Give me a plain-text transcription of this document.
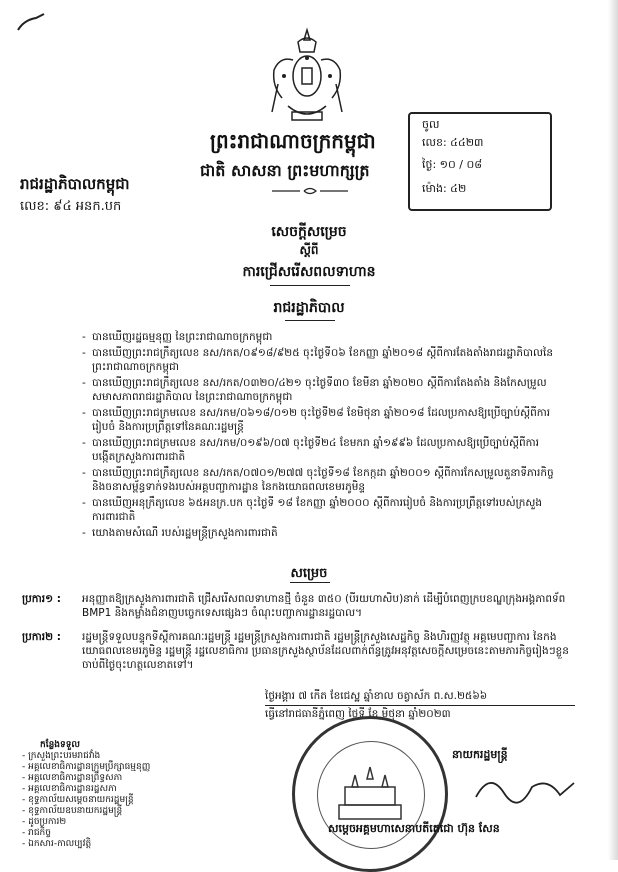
ព្រះរាជាណាចក្រកម្ពុជា
ជាតិ សាសនា ព្រះមហាក្សត្រ
រាជរដ្ឋាភិបាលកម្ពុជា
លេខ: ៩៤ អនក.បក
ចូល
លេខ: ៤៤២៣
ថ្ងៃ: ១០ / ០៨
ម៉ោង: ៤២
សេចក្តីសម្រេច
ស្តីពី
ការជ្រើសរើសពលទាហាន
រាជរដ្ឋាភិបាល
- បានឃើញរដ្ឋធម្មនុញ្ញ នៃព្រះរាជាណាចក្រកម្ពុជា
- បានឃើញព្រះរាជក្រឹត្យលេខ នស/រកត/០៩១៨/៩២៥ ចុះថ្ងៃទី០៦ ខែកញ្ញា ឆ្នាំ២០១៨ ស្តីពីការតែងតាំងរាជរដ្ឋាភិបាលនៃព្រះរាជាណាចក្រកម្ពុជា
- បានឃើញព្រះរាជក្រឹត្យលេខ នស/រកត/០៣២០/៤២១ ចុះថ្ងៃទី៣០ ខែមីនា ឆ្នាំ២០២០ ស្តីពីការតែងតាំង និងកែសម្រួលសមាសភាពរាជរដ្ឋាភិបាល នៃព្រះរាជាណាចក្រកម្ពុជា
- បានឃើញព្រះរាជក្រមលេខ នស/រកម/០៦១៨/០១២ ចុះថ្ងៃទី២៨ ខែមិថុនា ឆ្នាំ២០១៨ ដែលប្រកាសឱ្យប្រើច្បាប់ស្តីពីការរៀបចំ និងការប្រព្រឹត្តទៅនៃគណៈរដ្ឋមន្ត្រី
- បានឃើញព្រះរាជក្រមលេខ នស/រកម/០១៩៦/០៧ ចុះថ្ងៃទី២៤ ខែមករា ឆ្នាំ១៩៩៦ ដែលប្រកាសឱ្យប្រើច្បាប់ស្តីពីការបង្កើតក្រសួងការពារជាតិ
- បានឃើញព្រះរាជក្រឹត្យលេខ នស/រកត/០៧០១/២៧៧ ចុះថ្ងៃទី១៨ ខែកក្កដា ឆ្នាំ២០០១ ស្តីពីការកែសម្រួលតួនាទីភារកិច្ច និងចនាសម្ព័ន្ធទាក់ទងរបស់អគ្គបញ្ជាការដ្ឋាន នៃកងយោធពលខេមរភូមិន្ទ
- បានឃើញអនុក្រឹត្យលេខ ៦៥អនក្រ.បក ចុះថ្ងៃទី ១៨ ខែកញ្ញា ឆ្នាំ២០០០ ស្តីពីការរៀបចំ និងការប្រព្រឹត្តទៅរបស់ក្រសួងការពារជាតិ
- យោងតាមសំណើ របស់រដ្ឋមន្ត្រីក្រសួងការពារជាតិ
សម្រេច
ប្រការ១ :	អនុញ្ញាតឱ្យក្រសួងការពារជាតិ ជ្រើសរើសពលទាហានថ្មី ចំនួន ៣៥០ (បីរយហាសិប)នាក់ ដើម្បីបំពេញក្របខណ្ឌក្រុងអង្គភាពទ័ព BMP1 និងកម្លាំងជំនាញបច្ចេកទេសផ្សេងៗ ចំណុះបញ្ជាការដ្ឋានរដ្ឋបាល។
ប្រការ២ :	រដ្ឋមន្ត្រីទទួលបន្ទុកទីស្តីការគណៈរដ្ឋមន្ត្រី រដ្ឋមន្ត្រីក្រសួងការពារជាតិ រដ្ឋមន្ត្រីក្រសួងសេដ្ឋកិច្ច និងហិរញ្ញវត្ថុ អគ្គមេបញ្ជាការ នៃកងយោធពលខេមរភូមិន្ទ រដ្ឋមន្ត្រី រដ្ឋលេខាធិការ ប្រធានក្រសួងស្ថាប័នដែលពាក់ព័ន្ធត្រូវអនុវត្តសេចក្តីសម្រេចនេះតាមភារកិច្ចរៀងៗខ្លួន ចាប់ពីថ្ងៃចុះហត្ថលេខាតទៅ។
ថ្ងៃអង្គារ ៧ កើត ខែជេស្ឋ ឆ្នាំខាល ចត្វាស័ក ព.ស.២៥៦៦
ធ្វើនៅរាជធានីភ្នំពេញ ថ្ងៃទី ខែ មិថុនា ឆ្នាំ២០២៣
កន្លែងទទួល
- ក្រសួងព្រះបរមរាជវាំង
- អគ្គលេខាធិការដ្ឋានក្រុមប្រឹក្សាធម្មនុញ្ញ
- អគ្គលេខាធិការដ្ឋានព្រឹទ្ធសភា
- អគ្គលេខាធិការដ្ឋានរដ្ឋសភា
- ខុទ្ទកាល័យសម្តេចនាយករដ្ឋមន្ត្រី
- ខុទ្ទកាល័យឧបនាយករដ្ឋមន្ត្រី
- ដូចប្រការ២
- រាជកិច្ច
- ឯកសារ-កាលប្បវត្តិ
នាយករដ្ឋមន្ត្រី
សម្តេចអគ្គមហាសេនាបតីតេជោ ហ៊ុន សែន
